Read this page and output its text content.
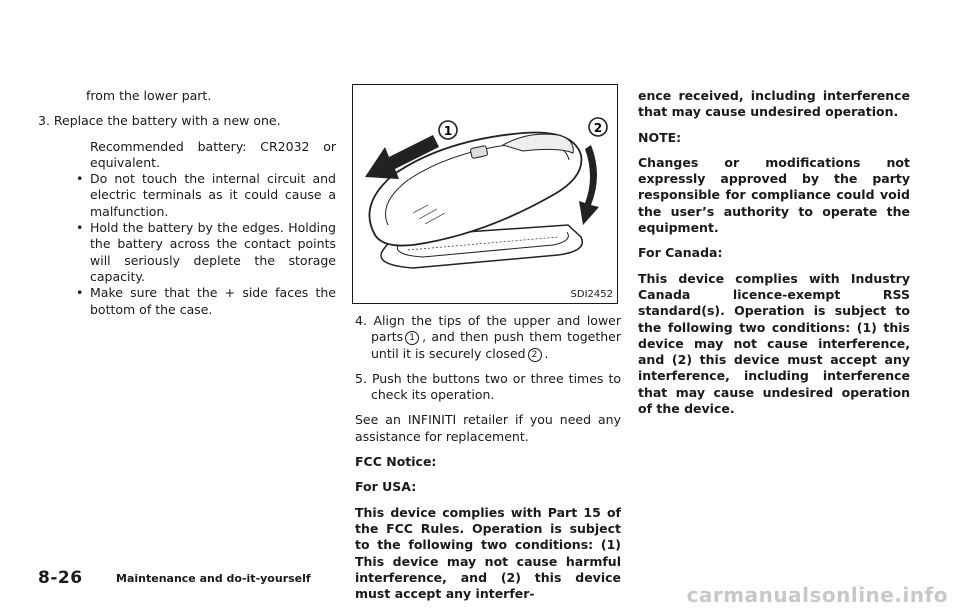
from the lower part.

3. Replace the battery with a new one.

Recommended battery: CR2032 or equivalent.

• Do not touch the internal circuit and electric terminals as it could cause a malfunction.

• Hold the battery by the edges. Holding the battery across the contact points will seriously deplete the storage capacity.

• Make sure that the + side faces the bottom of the case.

1	2
SDI2452

4. Align the tips of the upper and lower parts 1 , and then push them together until it is securely closed 2 .

5. Push the buttons two or three times to check its operation.

See an INFINITI retailer if you need any assistance for replacement.

FCC Notice:

For USA:

This device complies with Part 15 of the FCC Rules. Operation is subject to the following two conditions: (1) This device may not cause harmful interference, and (2) this device must accept any interfer-

ence received, including interference that may cause undesired operation.

NOTE:

Changes or modifications not expressly approved by the party responsible for compliance could void the user’s authority to operate the equipment.

For Canada:

This device complies with Industry Canada licence-exempt RSS standard(s). Operation is subject to the following two conditions: (1) this device may not cause interference, and (2) this device must accept any interference, including interference that may cause undesired operation of the device.

8-26	Maintenance and do-it-yourself
carmanualsonline.info
